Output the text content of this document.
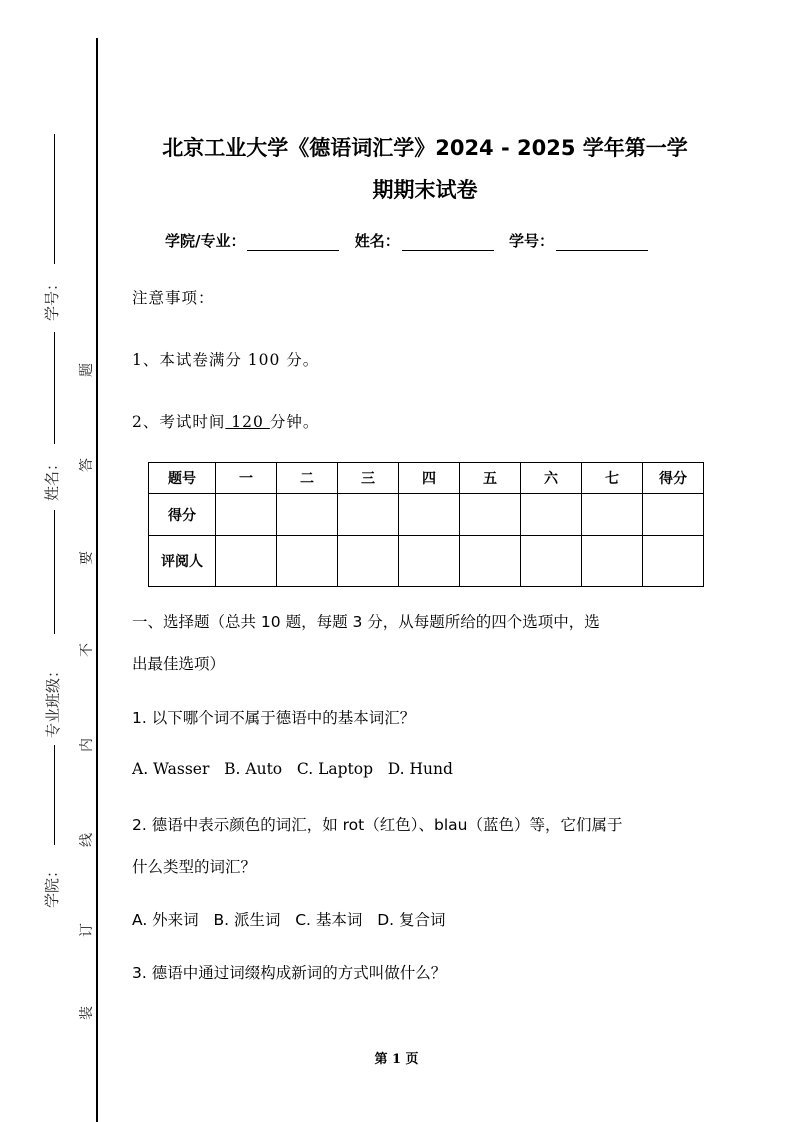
学号：
姓名：
专业班级：
学院：
题
答
要
不
内
线
订
装
北京工业大学《德语词汇学》2024 - 2025 学年第一学
期期末试卷
学院/专业：	姓名：	学号：
注意事项：
1、本试卷满分 100 分。
2、考试时间 120 分钟。
题号	一	二	三	四	五	六	七	得分
得分								
评阅人								
一、选择题（总共 10 题，每题 3 分，从每题所给的四个选项中，选
出最佳选项）
1. 以下哪个词不属于德语中的基本词汇？
A. Wasser   B. Auto   C. Laptop   D. Hund
2. 德语中表示颜色的词汇，如 rot（红色）、blau（蓝色）等，它们属于
什么类型的词汇？
A. 外来词   B. 派生词   C. 基本词   D. 复合词
3. 德语中通过词缀构成新词的方式叫做什么？
第 1 页
